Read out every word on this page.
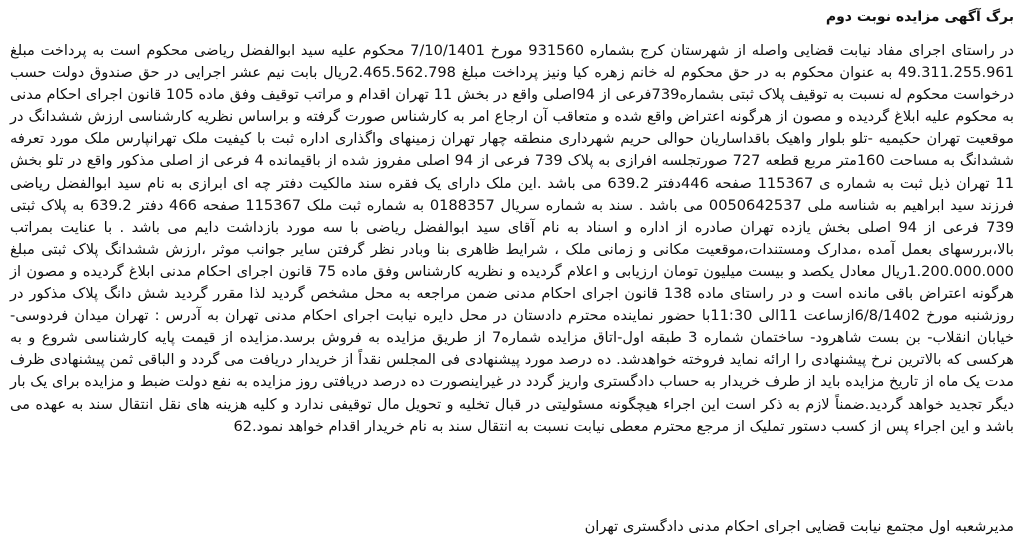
برگ آگهی مزایده نوبت دوم

در راستای اجرای مفاد نیابت قضایی واصله از شهرستان کرج بشماره 931560 مورخ 7/10/1401 محکوم علیه سید ابوالفضل ریاضی محکوم است به پرداخت مبلغ 49.311.255.961 به عنوان محکوم به در حق محکوم له خانم زهره کیا ونیز پرداخت مبلغ 2.465.562.798ریال بابت نیم عشر اجرایی در حق صندوق دولت حسب درخواست محکوم له نسبت به توقیف پلاک ثبتی بشماره739فرعی از 94اصلی واقع در بخش 11 تهران اقدام و مراتب توقیف وفق ماده 105 قانون اجرای احکام مدنی به محکوم علیه ابلاغ گردیده و مصون از هرگونه اعتراض واقع شده و متعاقب آن ارجاع امر به کارشناس صورت گرفته و براساس نظریه کارشناسی ارزش ششدانگ در موقعیت تهران حکیمیه -تلو بلوار واهیک باقداساریان حوالی حریم شهرداری منطقه چهار تهران زمینهای واگذاری اداره ثبت با کیفیت ملک تهرانپارس ملک مورد تعرفه ششدانگ به مساحت 160متر مربع قطعه 727 صورتجلسه افرازی به پلاک 739 فرعی از 94 اصلی مفروز شده از باقیمانده 4 فرعی از اصلی مذکور واقع در تلو بخش 11 تهران ذیل ثبت به شماره ی 115367 صفحه 446دفتر 639.2 می باشد .این ملک دارای یک فقره سند مالکیت دفتر چه ای ابرازی به نام سید ابوالفضل ریاضی فرزند سید ابراهیم به شناسه ملی 0050642537 می باشد . سند به شماره سریال 0188357 به شماره ثبت ملک 115367 صفحه 466 دفتر 639.2 به پلاک ثبتی 739 فرعی از 94 اصلی بخش یازده تهران صادره از اداره و اسناد به نام آقای سید ابوالفضل ریاضی با سه مورد بازداشت دایم می باشد . با عنایت بمراتب بالا،بررسهای بعمل آمده ،مدارک ومستندات،موقعیت مکانی و زمانی ملک ، شرایط ظاهری بنا وبادر نظر گرفتن سایر جوانب موثر ،ارزش ششدانگ پلاک ثبتی مبلغ 1.200.000.000ریال معادل یکصد و بیست میلیون تومان ارزیابی و اعلام گردیده و نظریه کارشناس وفق ماده 75 قانون اجرای احکام مدنی ابلاغ گردیده و مصون از هرگونه اعتراض باقی مانده است و در راستای ماده 138 قانون اجرای احکام مدنی ضمن مراجعه به محل مشخص گردید لذا مقرر گردید شش دانگ پلاک مذکور در روزشنبه مورخ 6/8/1402ازساعت 11الی 11:30با حضور نماینده محترم دادستان در محل دایره نیابت اجرای احکام مدنی تهران به آدرس : تهران میدان فردوسی- خیابان انقلاب- بن بست شاهرود- ساختمان شماره 3 طبقه اول-اتاق مزایده شماره7 از طریق مزایده به فروش برسد.مزایده از قیمت پایه کارشناسی شروع و به هرکسی که بالاترین نرخ پیشنهادی را ارائه نماید فروخته خواهدشد. ده درصد مورد پیشنهادی فی المجلس نقداً از خریدار دریافت می گردد و الباقی ثمن پیشنهادی ظرف مدت یک ماه از تاریخ مزایده باید از طرف خریدار به حساب دادگستری واریز گردد در غیراینصورت ده درصد دریافتی روز مزایده به نفع دولت ضبط و مزایده برای یک بار دیگر تجدید خواهد گردید.ضمناً لازم به ذکر است این اجراء هیچگونه مسئولیتی در قبال تخلیه و تحویل مال توقیفی ندارد و کلیه هزینه های نقل انتقال سند به عهده می باشد و این اجراء پس از کسب دستور تملیک از مرجع محترم معطی نیابت نسبت به انتقال سند به نام خریدار اقدام خواهد نمود.62

مدیرشعبه اول مجتمع نیابت قضایی اجرای احکام مدنی دادگستری تهران
